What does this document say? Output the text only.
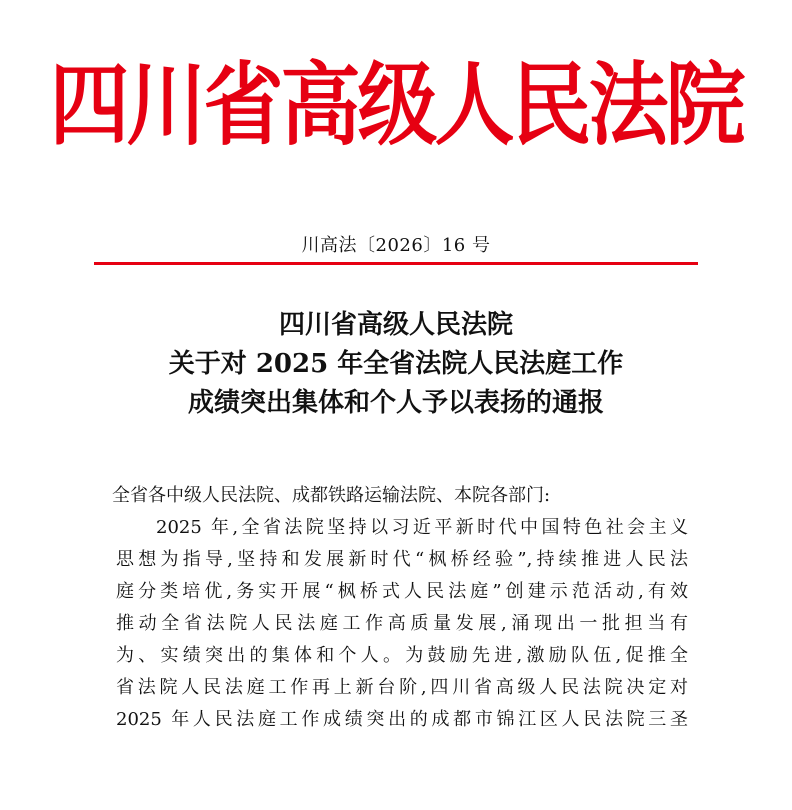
四川省高级人民法院
川高法〔2026〕16 号
四川省高级人民法院
关于对 2025 年全省法院人民法庭工作
成绩突出集体和个人予以表扬的通报

全省各中级人民法院、成都铁路运输法院、本院各部门:

2025 年,全省法院坚持以习近平新时代中国特色社会主义

思想为指导,坚持和发展新时代“枫桥经验”,持续推进人民法

庭分类培优,务实开展“枫桥式人民法庭”创建示范活动,有效

推动全省法院人民法庭工作高质量发展,涌现出一批担当有

为、实绩突出的集体和个人。为鼓励先进,激励队伍,促推全

省法院人民法庭工作再上新台阶,四川省高级人民法院决定对

2025 年人民法庭工作成绩突出的成都市锦江区人民法院三圣
